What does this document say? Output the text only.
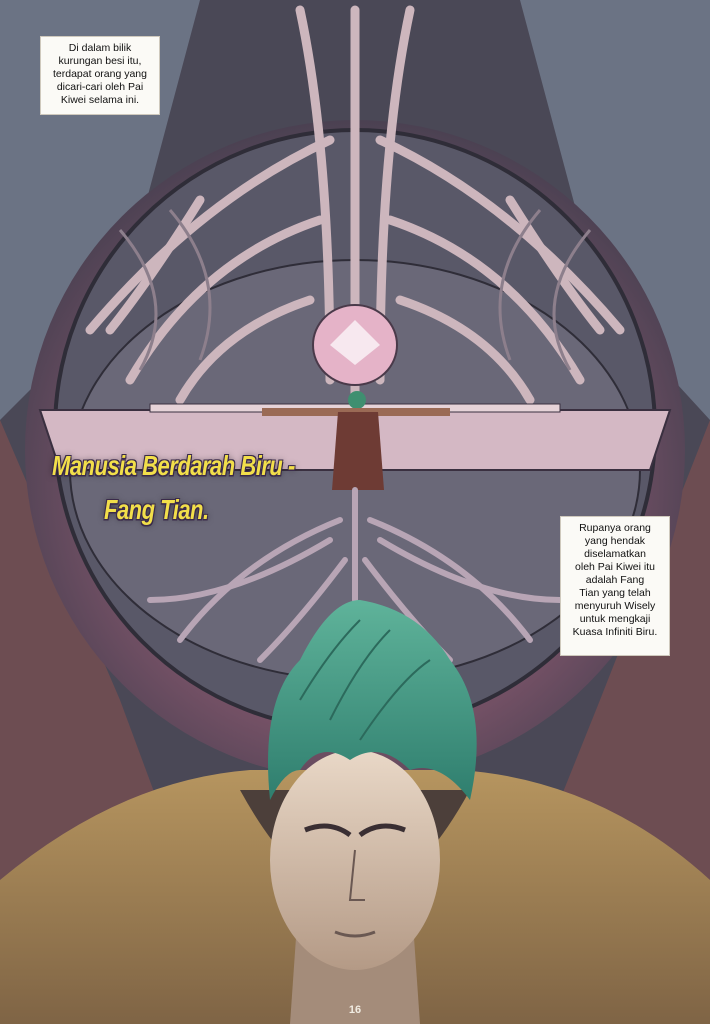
Di dalam bilik
kurungan besi itu,
terdapat orang yang
dicari-cari oleh Pai
Kiwei selama ini.
Manusia Berdarah Biru -
Fang Tian.
Rupanya orang
yang hendak
diselamatkan
oleh Pai Kiwei itu
adalah Fang
Tian yang telah
menyuruh Wisely
untuk mengkaji
Kuasa Infiniti Biru.
16
